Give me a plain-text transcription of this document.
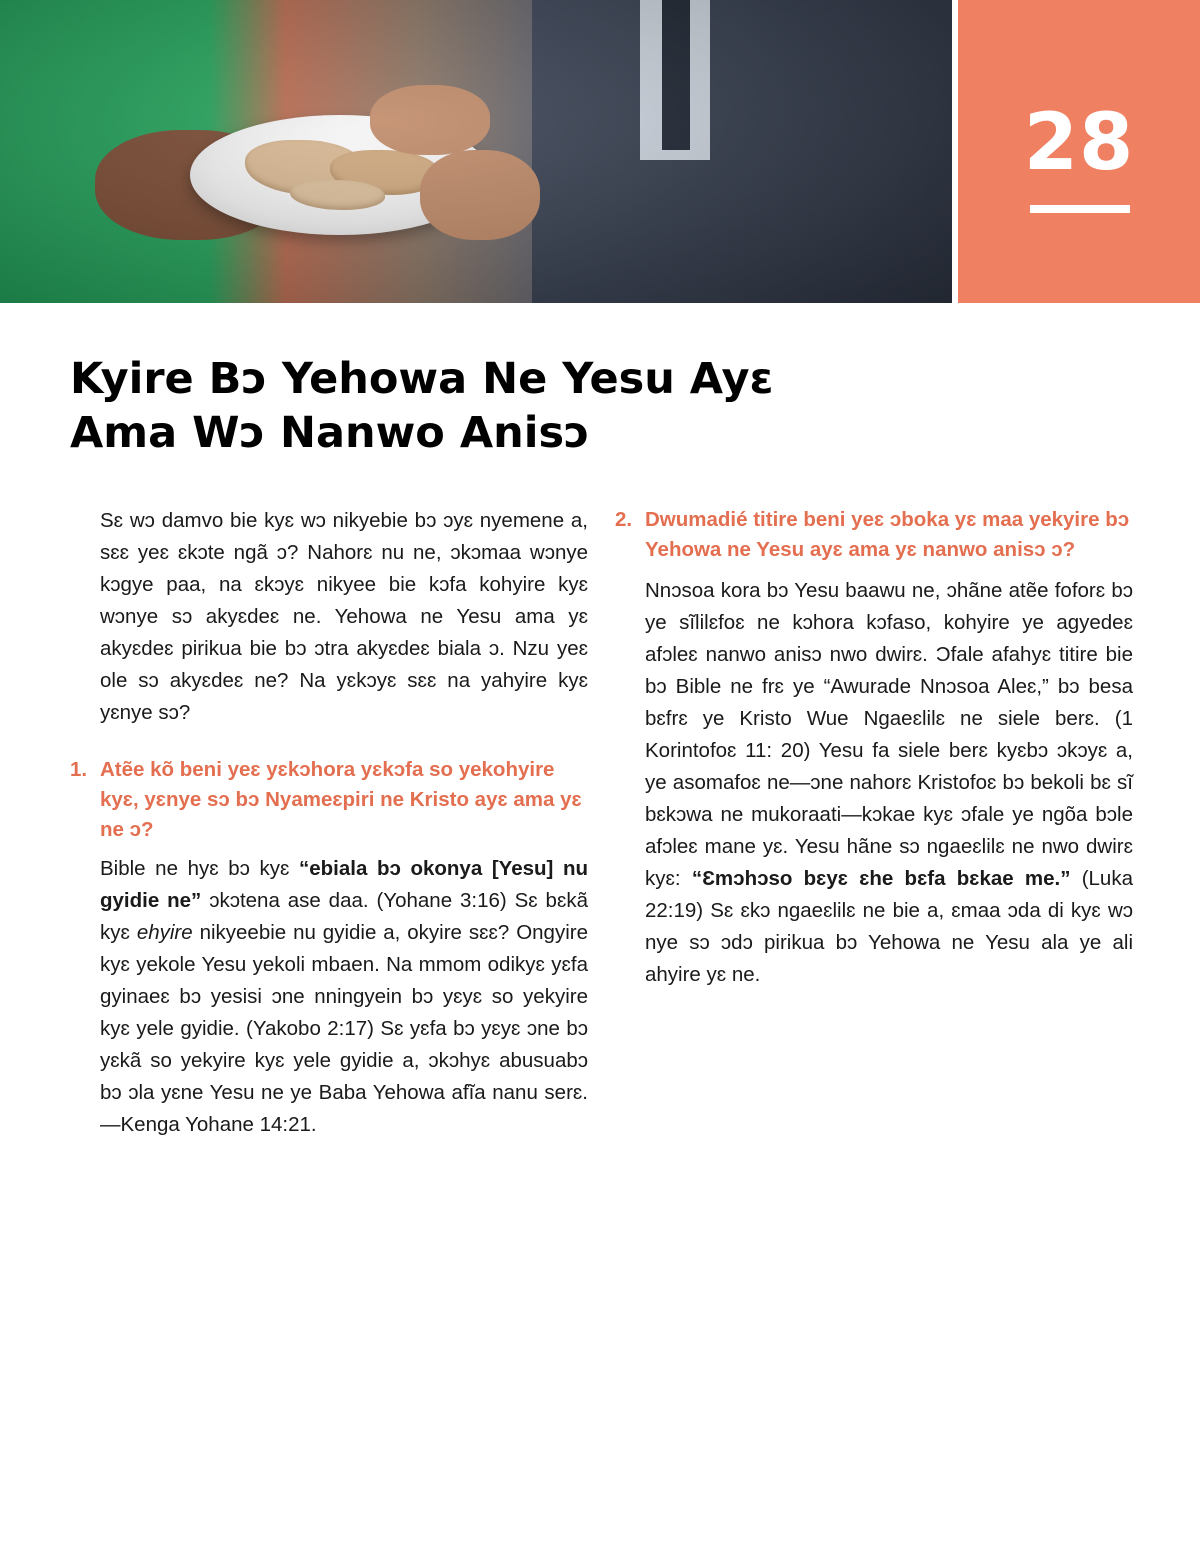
28
Kyire Bɔ Yehowa Ne Yesu Ayɛ
Ama Wɔ Nanwo Anisɔ

Sɛ wɔ damvo bie kyɛ wɔ nikyebie bɔ ɔyɛ nyemene a, sɛɛ yeɛ ɛkɔte ngã ɔ? Nahorɛ nu ne, ɔkɔmaa wɔnye kɔgye paa, na ɛkɔyɛ nikyee bie kɔfa kohyire kyɛ wɔnye sɔ akyɛdeɛ ne. Yehowa ne Yesu ama yɛ akyɛdeɛ pirikua bie bɔ ɔtra akyɛdeɛ biala ɔ. Nzu yeɛ ole sɔ akyɛdeɛ ne? Na yɛkɔyɛ sɛɛ na yahyire kyɛ yɛnye sɔ?

1. Atẽe kõ beni yeɛ yɛkɔhora yɛkɔfa so yekohyire kyɛ, yɛnye sɔ bɔ Nyameɛpiri ne Kristo ayɛ ama yɛ ne ɔ?

Bible ne hyɛ bɔ kyɛ “ebiala bɔ okonya [Yesu] nu gyidie ne” ɔkɔtena ase daa. (Yohane 3:16) Sɛ bɛkã kyɛ ehyire nikyeebie nu gyidie a, okyire sɛɛ? Ongyire kyɛ yekole Yesu yekoli mbaen. Na mmom odikyɛ yɛfa gyinaeɛ bɔ yesisi ɔne nningyein bɔ yɛyɛ so yekyire kyɛ yele gyidie. (Yakobo 2:17) Sɛ yɛfa bɔ yɛyɛ ɔne bɔ yɛkã so yekyire kyɛ yele gyidie a, ɔkɔhyɛ abusuabɔ bɔ ɔla yɛne Yesu ne ye Baba Yehowa afĩa nanu serɛ.—Kenga Yohane 14:21.

2. Dwumadié titire beni yeɛ ɔboka yɛ maa yekyire bɔ Yehowa ne Yesu ayɛ ama yɛ nanwo anisɔ ɔ?

Nnɔsoa kora bɔ Yesu baawu ne, ɔhãne atẽe foforɛ bɔ ye sĩlilɛfoɛ ne kɔhora kɔfaso, kohyire ye agyedeɛ afɔleɛ nanwo anisɔ nwo dwirɛ. Ɔfale afahyɛ titire bie bɔ Bible ne frɛ ye “Awurade Nnɔsoa Aleɛ,” bɔ besa bɛfrɛ ye Kristo Wue Ngaeɛlilɛ ne siele berɛ. (1 Korintofoɛ 11: 20) Yesu fa siele berɛ kyɛbɔ ɔkɔyɛ a, ye asomafoɛ ne—ɔne nahorɛ Kristofoɛ bɔ bekoli bɛ sĩ bɛkɔwa ne mukoraati—kɔkae kyɛ ɔfale ye ngõa bɔle afɔleɛ mane yɛ. Yesu hãne sɔ ngaeɛlilɛ ne nwo dwirɛ kyɛ: “Ɛmɔhɔso bɛyɛ ɛhe bɛfa bɛkae me.” (Luka 22:19) Sɛ ɛkɔ ngaeɛlilɛ ne bie a, ɛmaa ɔda di kyɛ wɔ nye sɔ ɔdɔ pirikua bɔ Yehowa ne Yesu ala ye ali ahyire yɛ ne.
